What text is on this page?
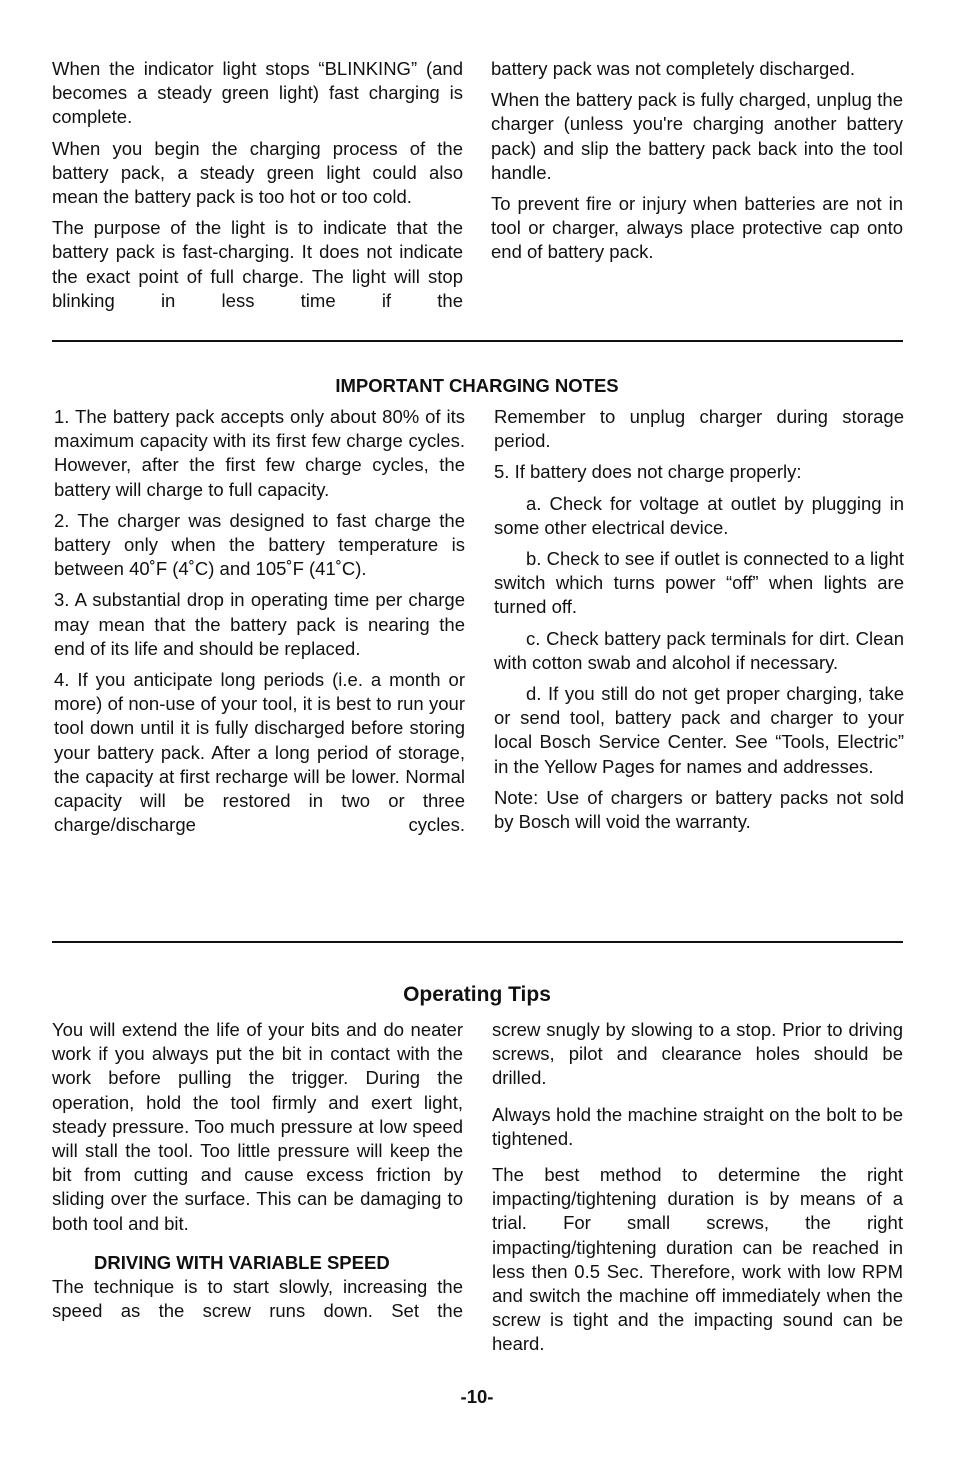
When the indicator light stops “BLINKING” (and becomes a steady green light) fast charging is complete.

When you begin the charging process of the battery pack, a steady green light could also mean the battery pack is too hot or too cold.

The purpose of the light is to indicate that the battery pack is fast-charging. It does not indicate the exact point of full charge. The light will stop blinking in less time if the

battery pack was not completely discharged.

When the battery pack is fully charged, unplug the charger (unless you're charging another battery pack) and slip the battery pack back into the tool handle.

To prevent fire or injury when batteries are not in tool or charger, always place protective cap onto end of battery pack.

IMPORTANT CHARGING NOTES

1. The battery pack accepts only about 80% of its maximum capacity with its first few charge cycles. However, after the first few charge cycles, the battery will charge to full capacity.

2. The charger was designed to fast charge the battery only when the battery temperature is between 40˚F (4˚C) and 105˚F (41˚C).

3. A substantial drop in operating time per charge may mean that the battery pack is nearing the end of its life and should be replaced.

4. If you anticipate long periods (i.e. a month or more) of non-use of your tool, it is best to run your tool down until it is fully discharged before storing your battery pack. After a long period of storage, the capacity at first recharge will be lower. Normal capacity will be restored in two or three charge/discharge cycles.

Remember to unplug charger during storage period.

5. If battery does not charge properly:

a. Check for voltage at outlet by plugging in some other electrical device.

b. Check to see if outlet is connected to a light switch which turns power “off” when lights are turned off.

c. Check battery pack terminals for dirt. Clean with cotton swab and alcohol if necessary.

d. If you still do not get proper charging, take or send tool, battery pack and charger to your local Bosch Service Center. See “Tools, Electric” in the Yellow Pages for names and addresses.

Note: Use of chargers or battery packs not sold by Bosch will void the warranty.

Operating Tips

You will extend the life of your bits and do neater work if you always put the bit in contact with the work before pulling the trigger. During the operation, hold the tool firmly and exert light, steady pressure. Too much pressure at low speed will stall the tool. Too little pressure will keep the bit from cutting and cause excess friction by sliding over the surface. This can be damaging to both tool and bit.

DRIVING WITH VARIABLE SPEED

The technique is to start slowly, increasing the speed as the screw runs down. Set the

screw snugly by slowing to a stop. Prior to driving screws, pilot and clearance holes should be drilled.

Always hold the machine straight on the bolt to be tightened.

The best method to determine the right impacting/tightening duration is by means of a trial. For small screws, the right impacting/tightening duration can be reached in less then 0.5 Sec. Therefore, work with low RPM and switch the machine off immediately when the screw is tight and the impacting sound can be heard.

-10-
